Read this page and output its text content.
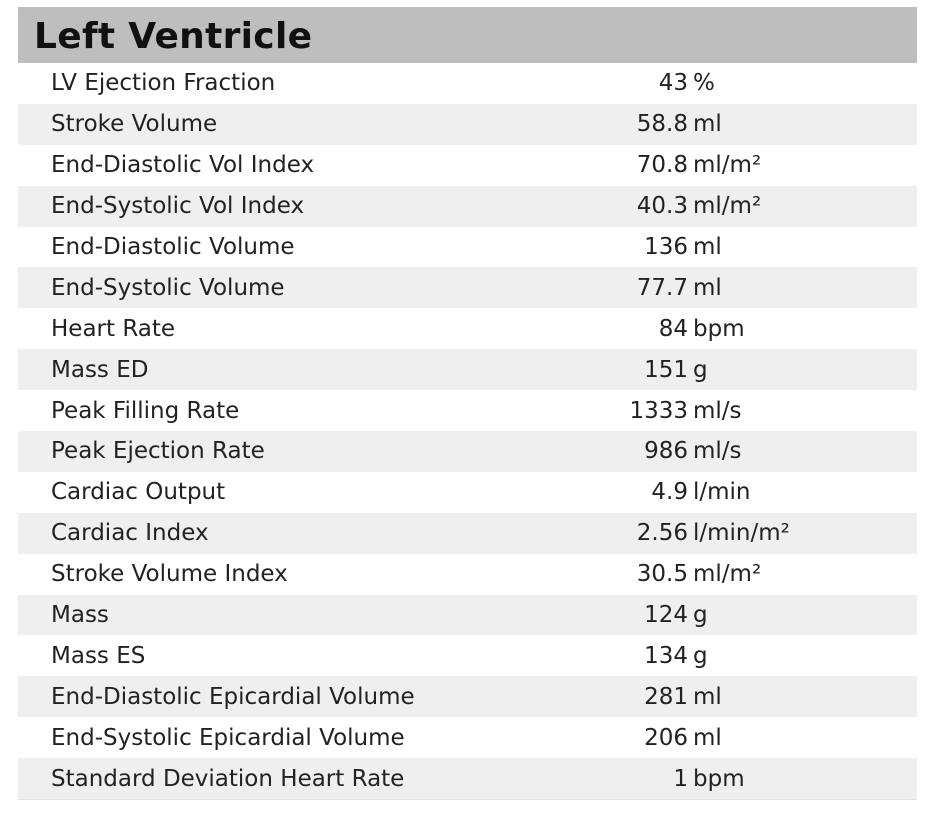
Left Ventricle
LV Ejection Fraction	43 %
Stroke Volume	58.8 ml
End-Diastolic Vol Index	70.8 ml/m²
End-Systolic Vol Index	40.3 ml/m²
End-Diastolic Volume	136 ml
End-Systolic Volume	77.7 ml
Heart Rate	84 bpm
Mass ED	151 g
Peak Filling Rate	1333 ml/s
Peak Ejection Rate	986 ml/s
Cardiac Output	4.9 l/min
Cardiac Index	2.56 l/min/m²
Stroke Volume Index	30.5 ml/m²
Mass	124 g
Mass ES	134 g
End-Diastolic Epicardial Volume	281 ml
End-Systolic Epicardial Volume	206 ml
Standard Deviation Heart Rate	1 bpm
